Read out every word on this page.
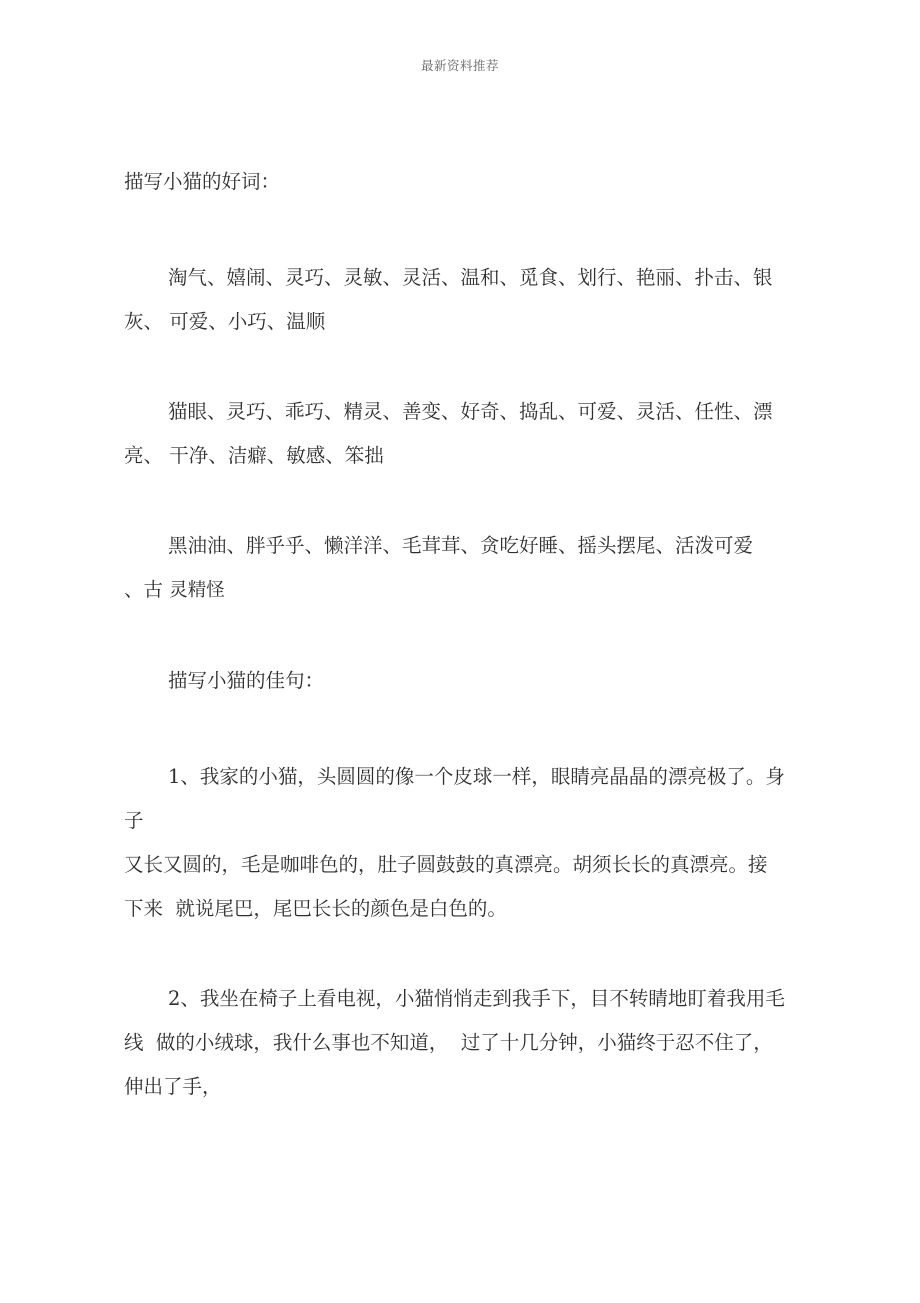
最新资料推荐
描写小猫的好词：
淘气、嬉闹、灵巧、灵敏、灵活、温和、觅食、划行、艳丽、扑击、银
灰、 可爱、小巧、温顺
猫眼、灵巧、乖巧、精灵、善变、好奇、捣乱、可爱、灵活、任性、漂
亮、 干净、洁癖、敏感、笨拙
黑油油、胖乎乎、懒洋洋、毛茸茸、贪吃好睡、摇头摆尾、活泼可爱
、古 灵精怪
描写小猫的佳句：
1、我家的小猫，头圆圆的像一个皮球一样，眼睛亮晶晶的漂亮极了。身
子
又长又圆的，毛是咖啡色的，肚子圆鼓鼓的真漂亮。胡须长长的真漂亮。接
下来  就说尾巴，尾巴长长的颜色是白色的。
2、我坐在椅子上看电视，小猫悄悄走到我手下，目不转睛地盯着我用毛
线  做的小绒球，我什么事也不知道，  过了十几分钟，小猫终于忍不住了，
伸出了手，
